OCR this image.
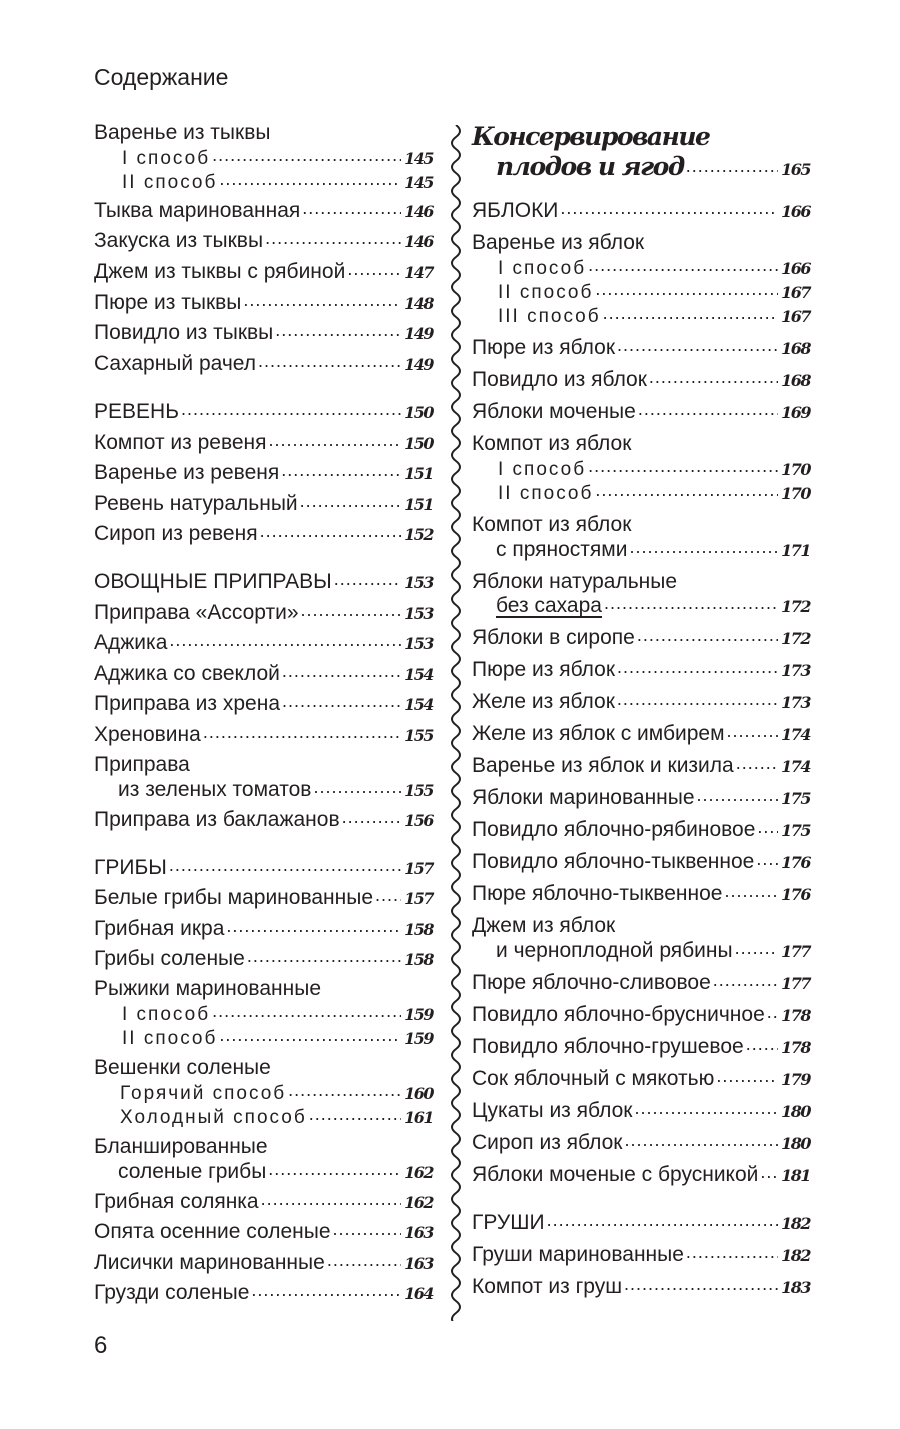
Содержание
Варенье из тыквы
I способ .....	145
II способ .....	145
Тыква маринованная .....	146
Закуска из тыквы .....	146
Джем из тыквы с рябиной .....	147
Пюре из тыквы .....	148
Повидло из тыквы .....	149
Сахарный рачел .....	149
РЕВЕНЬ .....	150
Компот из ревеня .....	150
Варенье из ревеня .....	151
Ревень натуральный .....	151
Сироп из ревеня .....	152
ОВОЩНЫЕ ПРИПРАВЫ .....	153
Приправа «Ассорти» .....	153
Аджика .....	153
Аджика со свеклой .....	154
Приправа из хрена .....	154
Хреновина .....	155
Приправа
из зеленых томатов .....	155
Приправа из баклажанов .....	156
ГРИБЫ .....	157
Белые грибы маринованные ..... 157
Грибная икра .....	158
Грибы соленые .....	158
Рыжики маринованные
I способ .....	159
II способ .....	159
Вешенки соленые
Горячий способ .....	160
Холодный способ .....	161
Бланшированные
соленые грибы .....	162
Грибная солянка .....	162
Опята осенние соленые .....	163
Лисички маринованные .....	163
Грузди соленые .....	164
Консервирование
плодов и ягод .....	165
ЯБЛОКИ .....	166
Варенье из яблок
I способ .....	166
II способ .....	167
III способ .....	167
Пюре из яблок .....	168
Повидло из яблок .....	168
Яблоки моченые .....	169
Компот из яблок
I способ .....	170
II способ .....	170
Компот из яблок
с пряностями .....	171
Яблоки натуральные
без сахара .....	172
Яблоки в сиропе .....	172
Пюре из яблок .....	173
Желе из яблок .....	173
Желе из яблок с имбирем .....	174
Варенье из яблок и кизила .....	174
Яблоки маринованные .....	175
Повидло яблочно-рябиновое ..... 175
Повидло яблочно-тыквенное ..... 176
Пюре яблочно-тыквенное .....	176
Джем из яблок
и черноплодной рябины .....	177
Пюре яблочно-сливовое .....	177
Повидло яблочно-брусничное ..... 178
Повидло яблочно-грушевое ..... 178
Сок яблочный с мякотью .....	179
Цукаты из яблок .....	180
Сироп из яблок .....	180
Яблоки моченые с брусникой ..... 181
ГРУШИ .....	182
Груши маринованные .....	182
Компот из груш .....	183
6
